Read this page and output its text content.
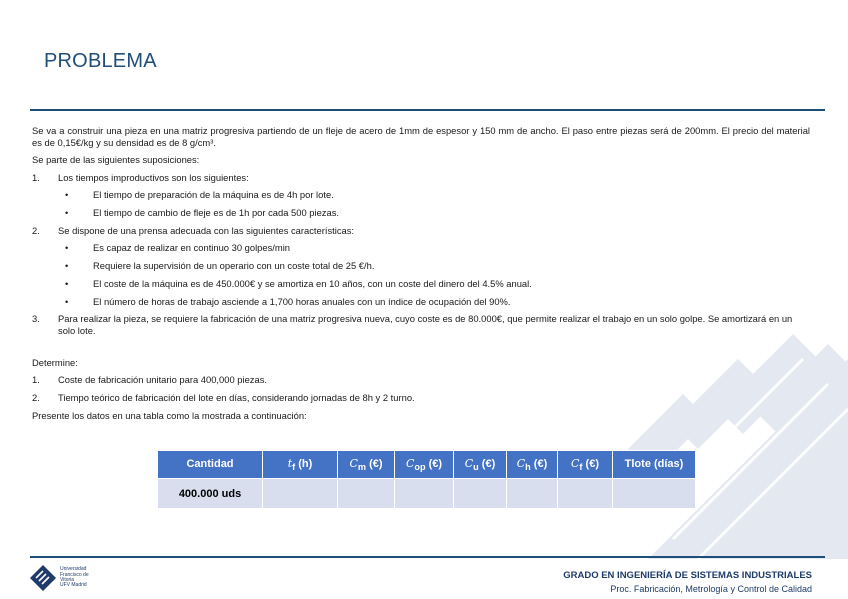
PROBLEMA

Se va a construir una pieza en una matriz progresiva partiendo de un fleje de acero de 1mm de espesor y 150 mm de ancho. El paso entre piezas será de 200mm. El precio del material es de 0,15€/kg y su densidad es de 8 g/cm³.

Se parte de las siguientes suposiciones:

1.	Los tiempos improductivos son los siguientes:
•	El tiempo de preparación de la máquina es de 4h por lote.
•	El tiempo de cambio de fleje es de 1h por cada 500 piezas.
2.	Se dispone de una prensa adecuada con las siguientes características:
•	Es capaz de realizar en continuo 30 golpes/min
•	Requiere la supervisión de un operario con un coste total de 25 €/h.
•	El coste de la máquina es de 450.000€ y se amortiza en 10 años, con un coste del dinero del 4.5% anual.
•	El número de horas de trabajo asciende a 1,700 horas anuales con un índice de ocupación del 90%.
3.	Para realizar la pieza, se requiere la fabricación de una matriz progresiva nueva, cuyo coste es de 80.000€, que permite realizar el trabajo en un solo golpe. Se amortizará en un solo lote.

Determine:

1.	Coste de fabricación unitario para 400,000 piezas.
2.	Tiempo teórico de fabricación del lote en días, considerando jornadas de 8h y 2 turno.

Presente los datos en una tabla como la mostrada a continuación:

Cantidad	$t_f$ (h)	$C_m$ (€)	$C_{op}$ (€)	$C_u$ (€)	$C_h$ (€)	$C_f$ (€)	Tlote (días)
400.000 uds							
Universidad
Francisco de
Vitoria
UFV Madrid
GRADO EN INGENIERÍA DE SISTEMAS INDUSTRIALES
Proc. Fabricación, Metrología y Control de Calidad
